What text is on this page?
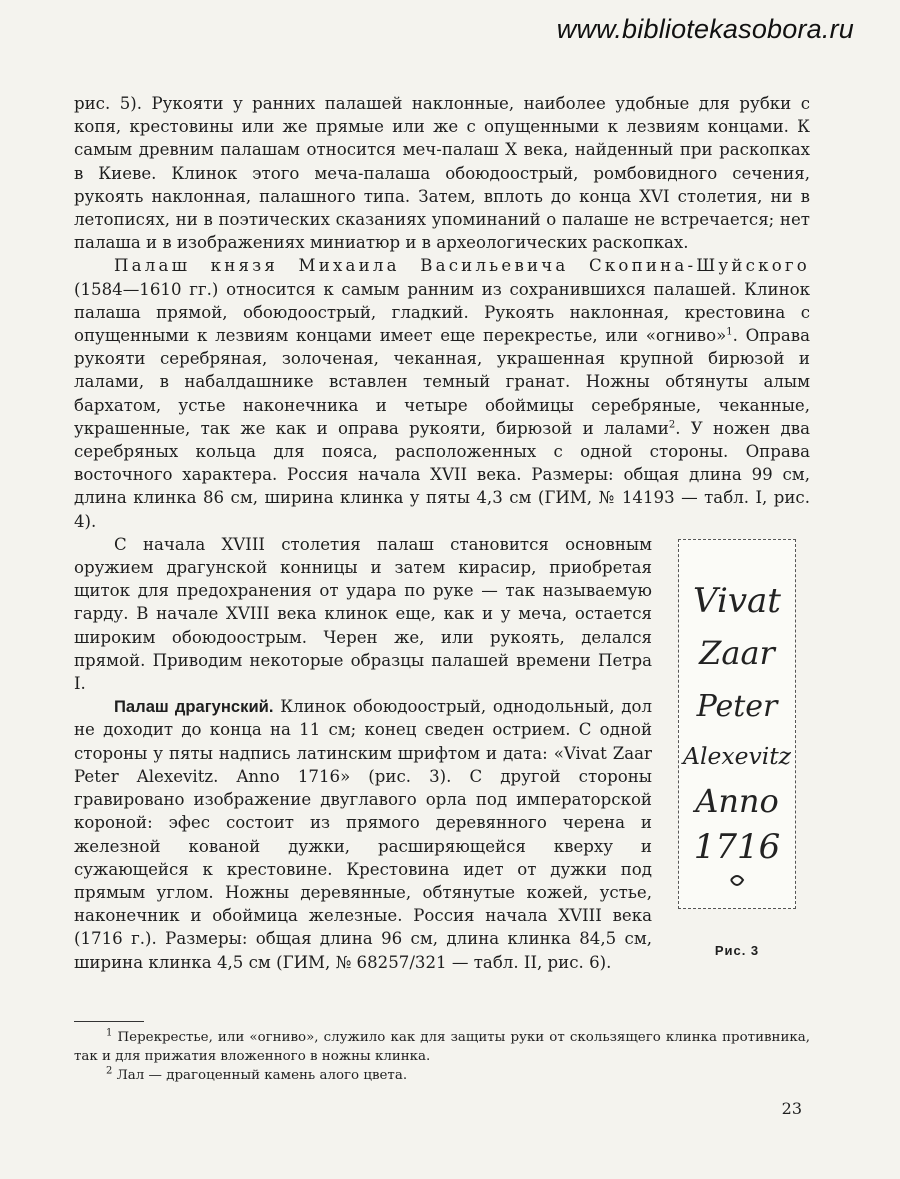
www.bibliotekasobora.ru

рис. 5). Рукояти у ранних палашей наклонные, наиболее удобные для рубки с копя, крестовины или же прямые или же с опущенными к лезвиям концами. К самым древним палашам относится меч-палаш X века, найденный при раскопках в Киеве. Клинок этого меча-палаша обоюдоострый, ромбовидного сечения, рукоять наклонная, палашного типа. Затем, вплоть до конца XVI столетия, ни в летописях, ни в поэтических сказаниях упоминаний о палаше не встречается; нет палаша и в изображениях миниатюр и в археологических раскопках.

Палаш князя Михаила Васильевича Скопина-Шуйского (1584—1610 гг.) относится к самым ранним из сохранившихся палашей. Клинок палаша прямой, обоюдоострый, гладкий. Рукоять наклонная, крестовина с опущенными к лезвиям концами имеет еще перекрестье, или «огниво»$^1$. Оправа рукояти серебряная, золоченая, чеканная, украшенная крупной бирюзой и лалами, в набалдашнике вставлен темный гранат. Ножны обтянуты алым бархатом, устье наконечника и четыре обоймицы серебряные, чеканные, украшенные, так же как и оправа рукояти, бирюзой и лалами$^2$. У ножен два серебряных кольца для пояса, расположенных с одной стороны. Оправа восточного характера. Россия начала XVII века. Размеры: общая длина 99 см, длина клинка 86 см, ширина клинка у пяты 4,3 см (ГИМ, № 14193 — табл. I, рис. 4).

С начала XVIII столетия палаш становится основным оружием драгунской конницы и затем кирасир, приобретая щиток для предохранения от удара по руке — так называемую гарду. В начале XVIII века клинок еще, как и у меча, остается широким обоюдоострым. Черен же, или рукоять, делался прямой. Приводим некоторые образцы палашей времени Петра I.

Палаш драгунский. Клинок обоюдоострый, однодольный, дол не доходит до конца на 11 см; конец сведен острием. С одной стороны у пяты надпись латинским шрифтом и дата: «Vivat Zaar Peter Alexevitz. Anno 1716» (рис. 3). С другой стороны гравировано изображение двуглавого орла под императорской короной: эфес состоит из прямого деревянного черена и железной кованой дужки, расширяющейся кверху и сужающейся к крестовине. Крестовина идет от дужки под прямым углом. Ножны деревянные, обтянутые кожей, устье, наконечник и обоймица железные. Россия начала XVIII века (1716 г.). Размеры: общая длина 96 см, длина клинка 84,5 см, ширина клинка 4,5 см (ГИМ, № 68257/321 — табл. II, рис. 6).

Vivat
Zaar
Peter
Alexevitz
Anno
1716
Рис. 3

$^1$ Перекрестье, или «огниво», служило как для защиты руки от скользящего клинка противника, так и для прижатия вложенного в ножны клинка.

$^2$ Лал — драгоценный камень алого цвета.

23
